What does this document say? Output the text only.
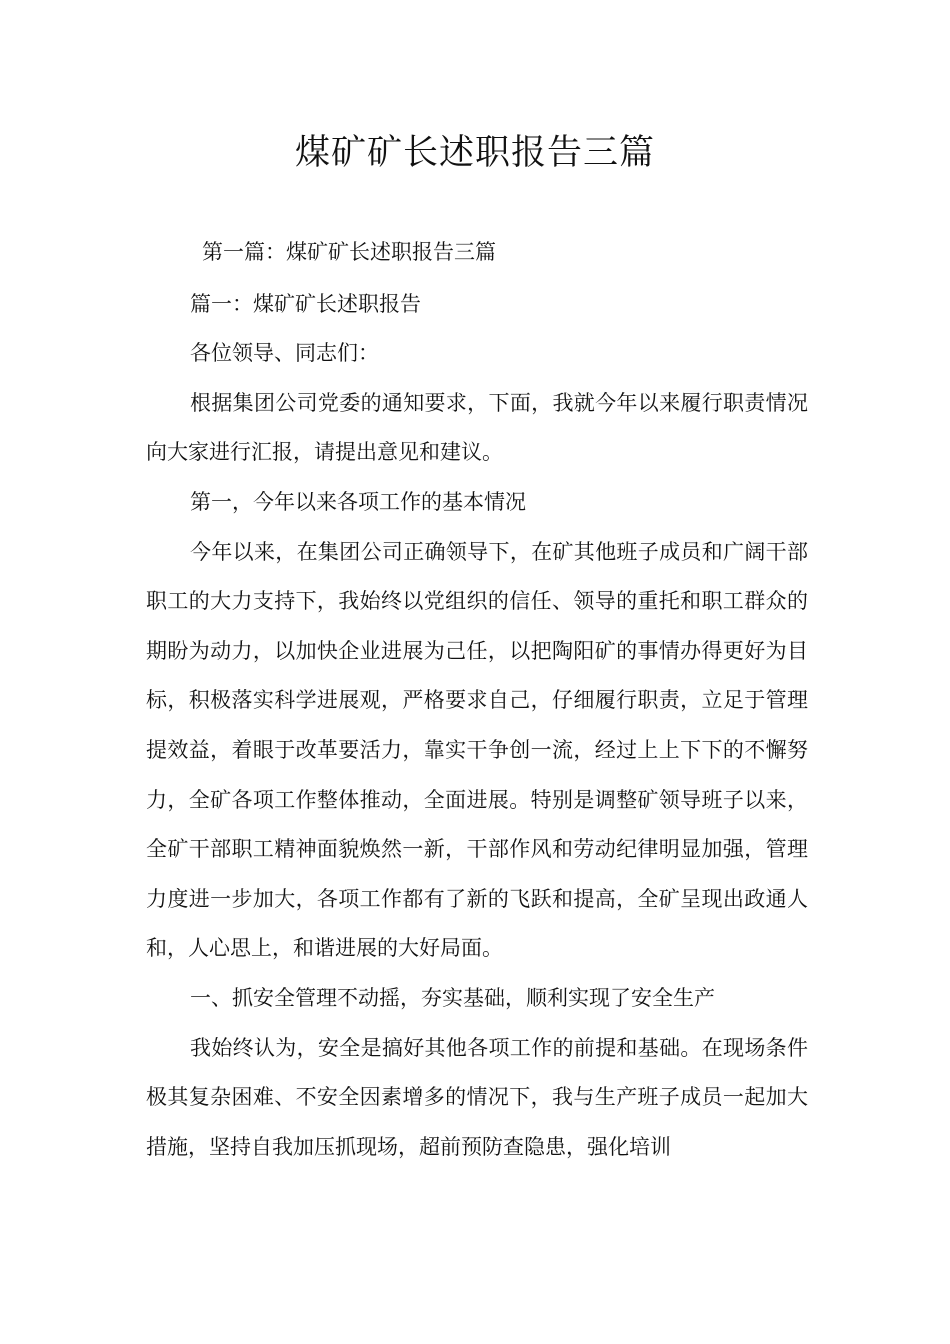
煤矿矿长述职报告三篇

第一篇：煤矿矿长述职报告三篇

篇一：煤矿矿长述职报告

各位领导、同志们：

根据集团公司党委的通知要求，下面，我就今年以来履行职责情况向大家进行汇报，请提出意见和建议。

第一，今年以来各项工作的基本情况

今年以来，在集团公司正确领导下，在矿其他班子成员和广阔干部职工的大力支持下，我始终以党组织的信任、领导的重托和职工群众的期盼为动力，以加快企业进展为己任，以把陶阳矿的事情办得更好为目标，积极落实科学进展观，严格要求自己，仔细履行职责，立足于管理提效益，着眼于改革要活力，靠实干争创一流，经过上上下下的不懈努力，全矿各项工作整体推动，全面进展。特别是调整矿领导班子以来，全矿干部职工精神面貌焕然一新，干部作风和劳动纪律明显加强，管理力度进一步加大，各项工作都有了新的飞跃和提高，全矿呈现出政通人和，人心思上，和谐进展的大好局面。

一、抓安全管理不动摇，夯实基础，顺利实现了安全生产

我始终认为，安全是搞好其他各项工作的前提和基础。在现场条件极其复杂困难、不安全因素增多的情况下，我与生产班子成员一起加大措施，坚持自我加压抓现场，超前预防查隐患，强化培训
